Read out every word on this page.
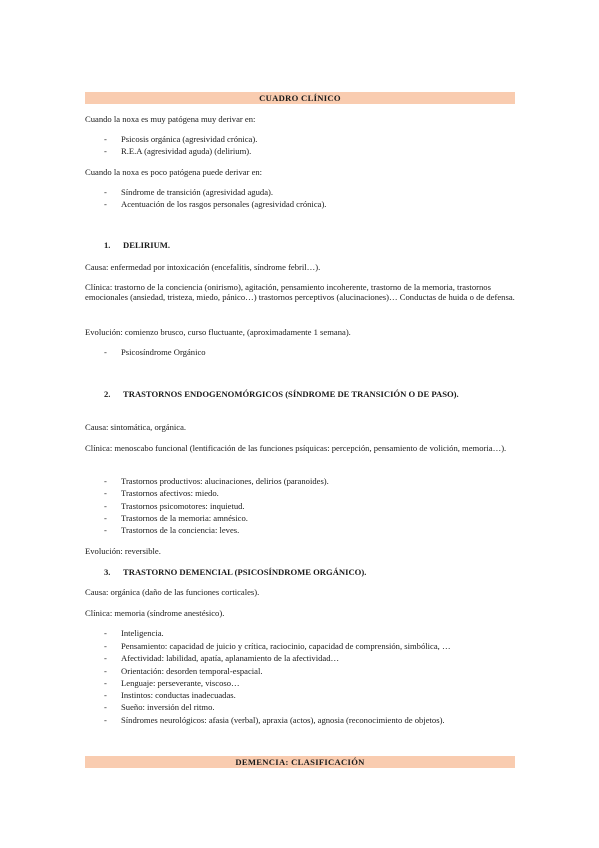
CUADRO CLÍNICO
Cuando la noxa es muy patógena muy derivar en:
- Psicosis orgánica (agresividad crónica).
- R.E.A (agresividad aguda) (delirium).
Cuando la noxa es poco patógena puede derivar en:
- Síndrome de transición (agresividad aguda).
- Acentuación de los rasgos personales (agresividad crónica).
1. DELIRIUM.
Causa: enfermedad por intoxicación (encefalitis, síndrome febril…).
Clínica: trastorno de la conciencia (onirismo), agitación, pensamiento incoherente, trastorno de la memoria, trastornos emocionales (ansiedad, tristeza, miedo, pánico…) trastornos perceptivos (alucinaciones)… Conductas de huida o de defensa.
Evolución: comienzo brusco, curso fluctuante, (aproximadamente 1 semana).
- Psicosíndrome Orgánico
2. TRASTORNOS ENDOGENOMÓRGICOS (SÍNDROME DE TRANSICIÓN O DE PASO).
Causa: sintomática, orgánica.
Clínica: menoscabo funcional (lentificación de las funciones psíquicas: percepción, pensamiento de volición, memoria…).
- Trastornos productivos: alucinaciones, delirios (paranoides).
- Trastornos afectivos: miedo.
- Trastornos psicomotores: inquietud.
- Trastornos de la memoria: amnésico.
- Trastornos de la conciencia: leves.
Evolución: reversible.
3. TRASTORNO DEMENCIAL (PSICOSÍNDROME ORGÁNICO).
Causa: orgánica (daño de las funciones corticales).
Clínica: memoria (síndrome anestésico).
- Inteligencia.
- Pensamiento: capacidad de juicio y crítica, raciocinio, capacidad de comprensión, simbólica, …
- Afectividad: labilidad, apatía, aplanamiento de la afectividad…
- Orientación: desorden temporal-espacial.
- Lenguaje: perseverante, viscoso…
- Instintos: conductas inadecuadas.
- Sueño: inversión del ritmo.
- Síndromes neurológicos: afasia (verbal), apraxia (actos), agnosia (reconocimiento de objetos).
DEMENCIA: CLASIFICACIÓN
